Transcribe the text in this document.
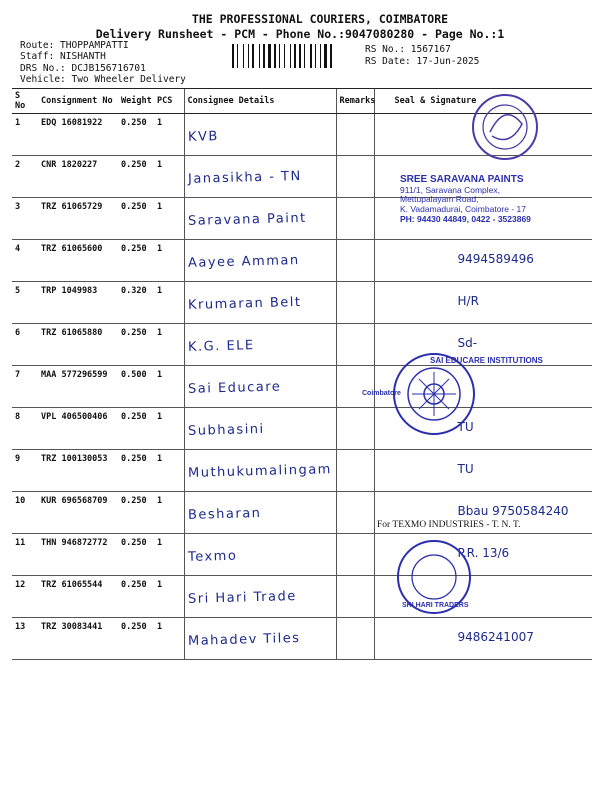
THE PROFESSIONAL COURIERS, COIMBATORE
Delivery Runsheet - PCM - Phone No.:9047080280 - Page No.:1
Route: THOPPAMPATTI
Staff: NISHANTH
DRS No.: DCJB156716701
Vehicle: Two Wheeler Delivery
RS No.: 1567167
RS Date: 17-Jun-2025
S No	Consignment No	Weight	PCS	Consignee Details	Remarks	Seal & Signature
1	EDQ 16081922	0.250	1	KVB		

2	CNR 1820227	0.250	1	Janasikha - TN		

3	TRZ 61065729	0.250	1	Saravana Paint		

4	TRZ 61065600	0.250	1	Aayee Amman		9494589496

5	TRP 1049983	0.320	1	Krumaran Belt		H/R

6	TRZ 61065880	0.250	1	K.G. ELE		Sd-

7	MAA 577296599	0.500	1	Sai Educare		

8	VPL 406500406	0.250	1	Subhasini		TU

9	TRZ 100130053	0.250	1	Muthukumalingam		TU

10	KUR 696568709	0.250	1	Besharan		Bbau 9750584240

11	THN 946872772	0.250	1	Texmo		P.R. 13/6

12	TRZ 61065544	0.250	1	Sri Hari Trade		

13	TRZ 30083441	0.250	1	Mahadev Tiles		9486241007
SREE SARAVANA PAINTS
911/1, Saravana Complex,
Mettupalayam Road,
K. Vadamadurai, Coimbatore - 17
PH: 94430 44849, 0422 - 3523869
SAI EDUCARE INSTITUTIONS
Coimbatore
For TEXMO INDUSTRIES - T. N. T.
SRI HARI TRADERS
